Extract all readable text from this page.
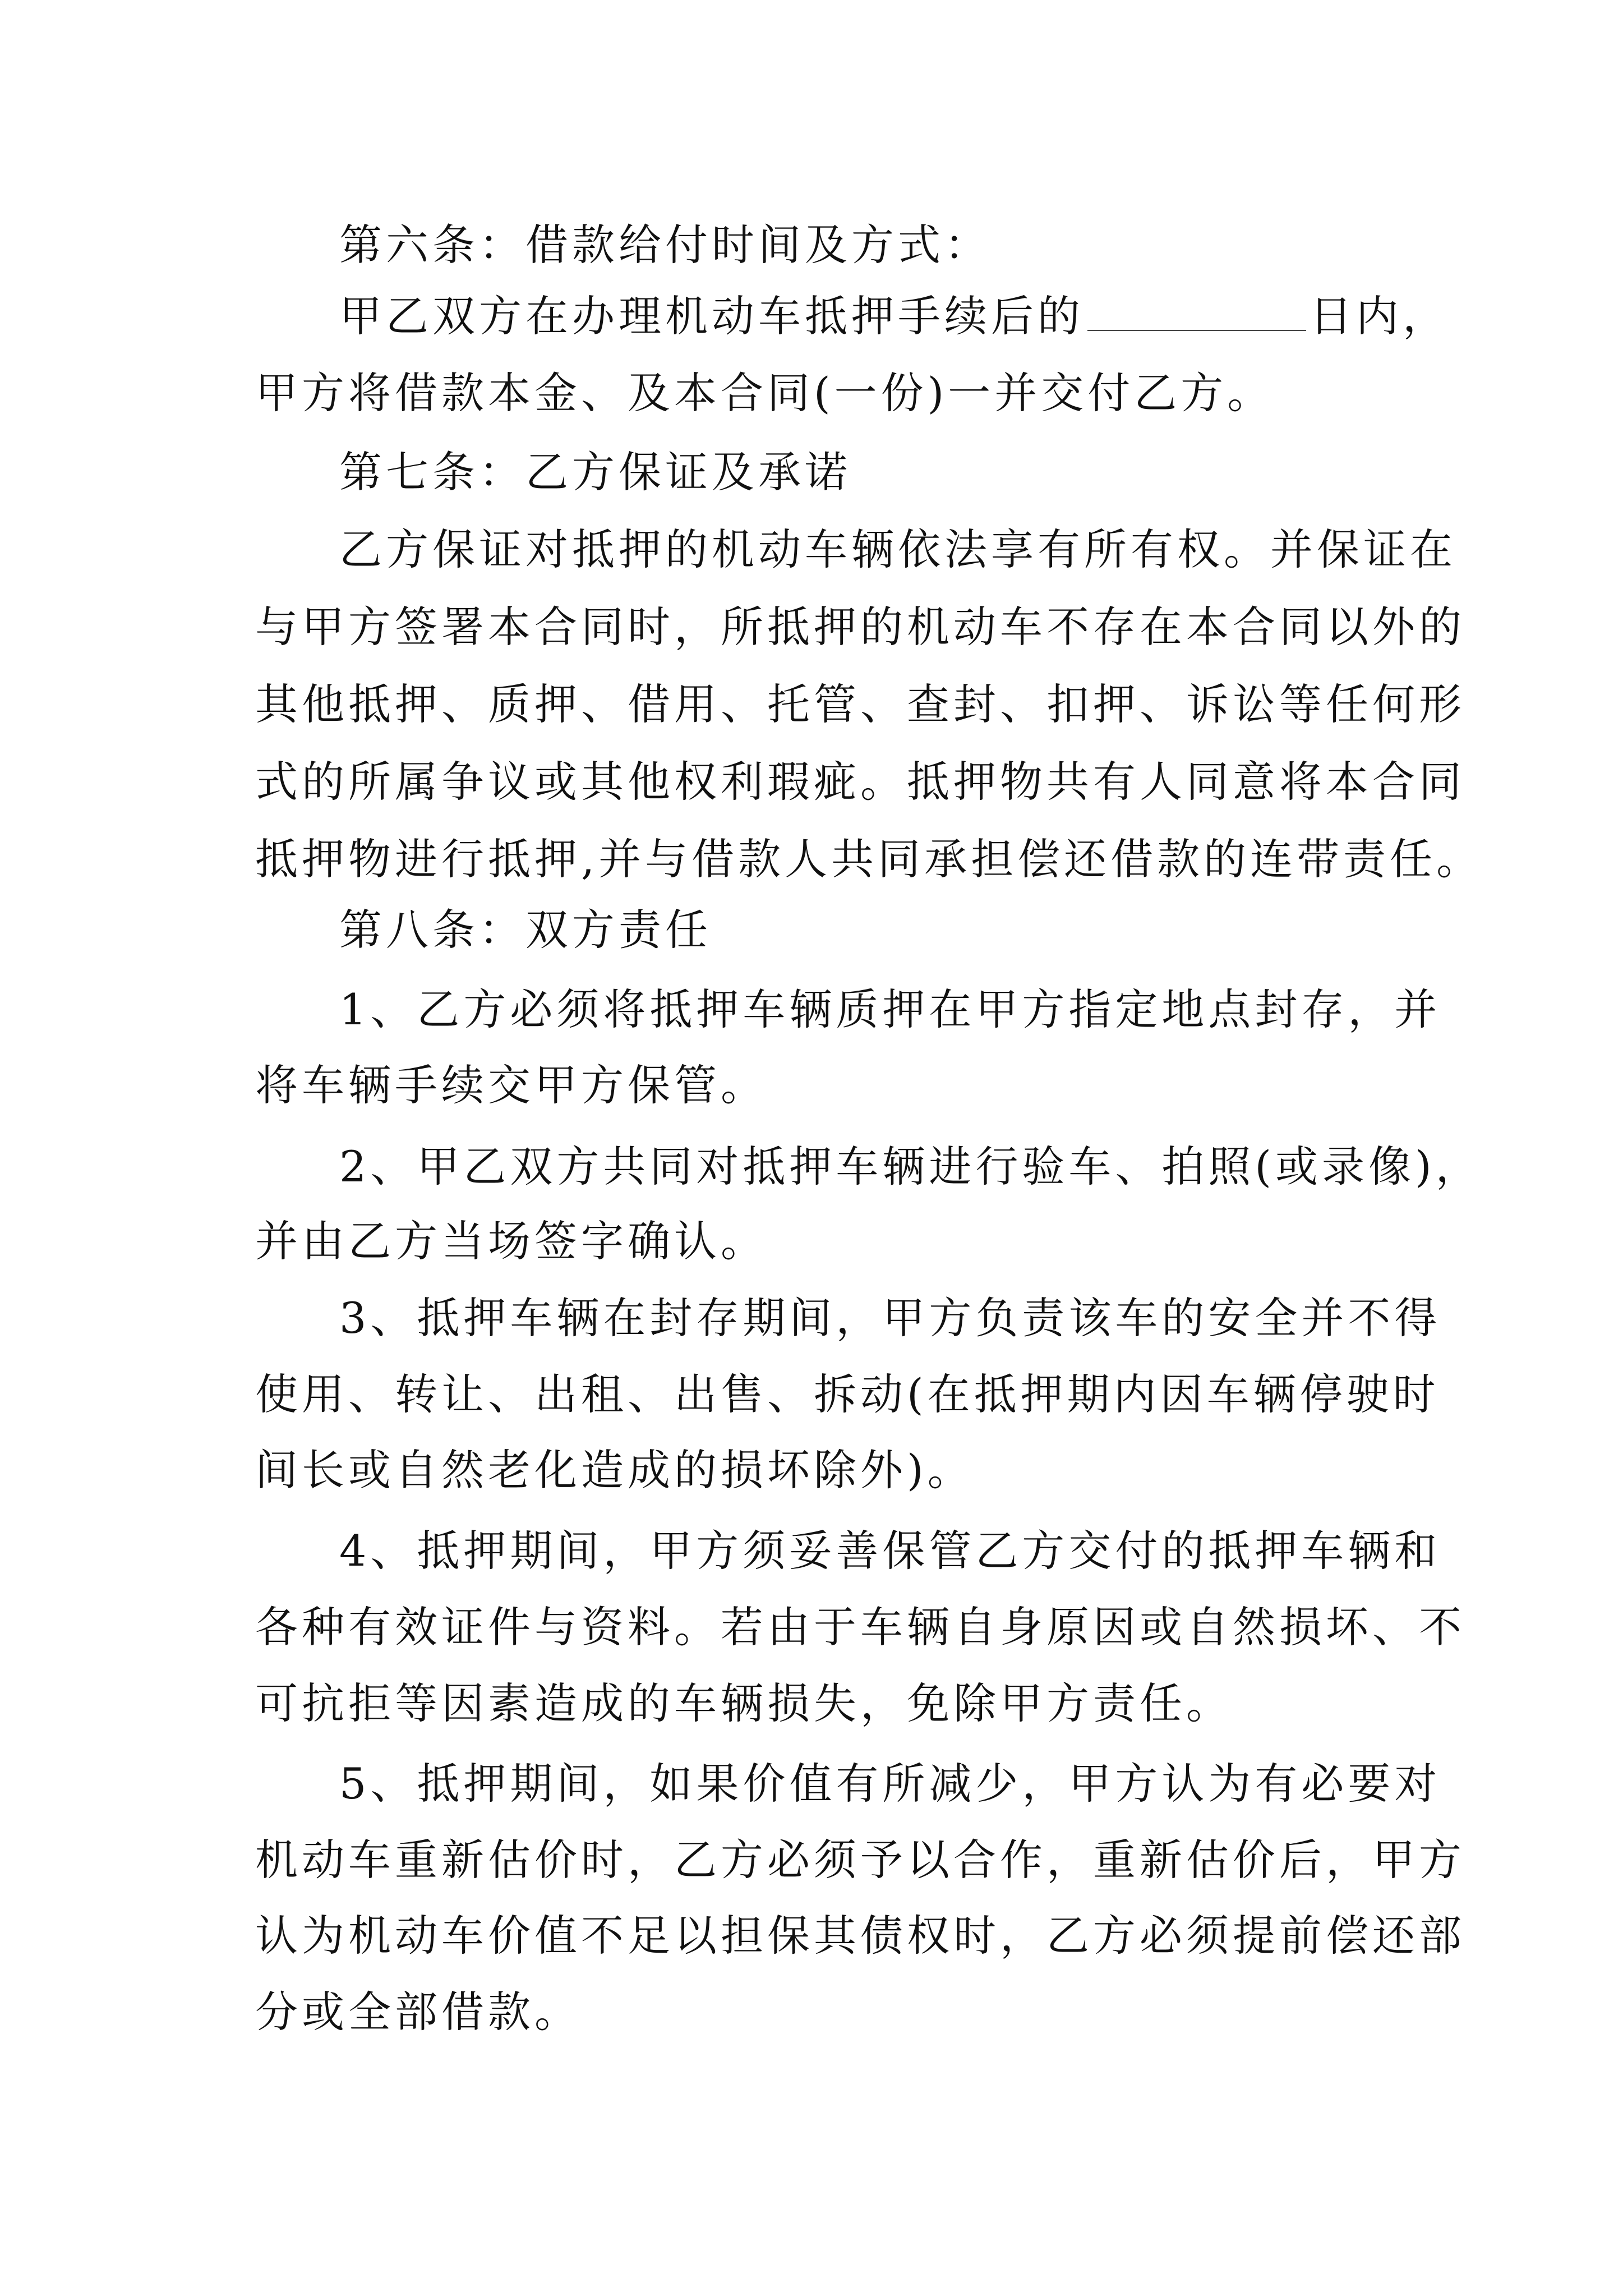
第六条：借款给付时间及方式：
甲乙双方在办理机动车抵押手续后的	日内，
甲方将借款本金、及本合同(一份)一并交付乙方。
第七条：乙方保证及承诺
乙方保证对抵押的机动车辆依法享有所有权。并保证在
与甲方签署本合同时，所抵押的机动车不存在本合同以外的
其他抵押、质押、借用、托管、查封、扣押、诉讼等任何形
式的所属争议或其他权利瑕疵。抵押物共有人同意将本合同
抵押物进行抵押,并与借款人共同承担偿还借款的连带责任。
第八条：双方责任
1、乙方必须将抵押车辆质押在甲方指定地点封存，并
将车辆手续交甲方保管。
2、甲乙双方共同对抵押车辆进行验车、拍照(或录像)，
并由乙方当场签字确认。
3、抵押车辆在封存期间，甲方负责该车的安全并不得
使用、转让、出租、出售、拆动(在抵押期内因车辆停驶时
间长或自然老化造成的损坏除外)。
4、抵押期间，甲方须妥善保管乙方交付的抵押车辆和
各种有效证件与资料。若由于车辆自身原因或自然损坏、不
可抗拒等因素造成的车辆损失，免除甲方责任。
5、抵押期间，如果价值有所减少，甲方认为有必要对
机动车重新估价时，乙方必须予以合作，重新估价后，甲方
认为机动车价值不足以担保其债权时，乙方必须提前偿还部
分或全部借款。
